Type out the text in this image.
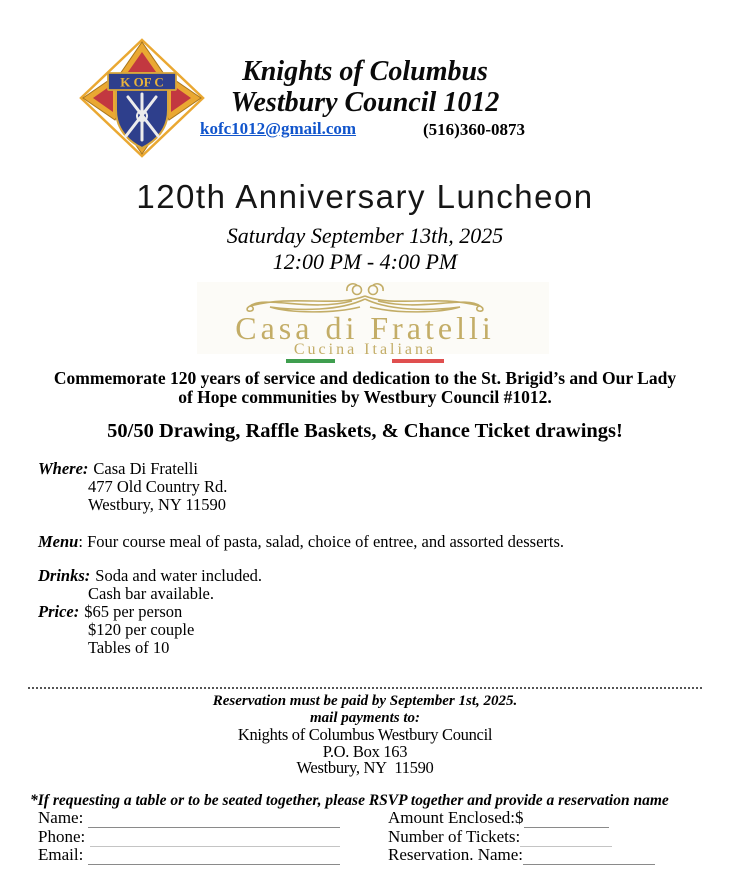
K OF C	Knights of Columbus
Westbury Council 1012
kofc1012@gmail.com	(516)360-0873
120th Anniversary Luncheon
Saturday September 13th, 2025
12:00 PM - 4:00 PM
Casa di Fratelli
Cucina Italiana
Commemorate 120 years of service and dedication to the St. Brigid’s and Our Lady of Hope communities by Westbury Council #1012.
50/50 Drawing, Raffle Baskets, & Chance Ticket drawings!
Where: Casa Di Fratelli
477 Old Country Rd.
Westbury, NY 11590
Menu: Four course meal of pasta, salad, choice of entree, and assorted desserts.
Drinks: Soda and water included.
Cash bar available.
Price: $65 per person
$120 per couple
Tables of 10
Reservation must be paid by September 1st, 2025.
mail payments to:
Knights of Columbus Westbury Council
P.O. Box 163
Westbury, NY  11590
*If requesting a table or to be seated together, please RSVP together and provide a reservation name
Name:
Phone:
Email:
Amount Enclosed:$
Number of Tickets:
Reservation. Name:
